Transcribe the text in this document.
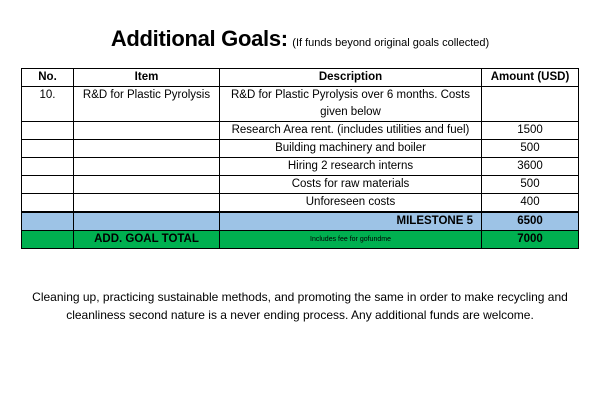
Additional Goals: (If funds beyond original goals collected)
No.	Item	Description	Amount (USD)
10.	R&D for Plastic Pyrolysis	R&D for Plastic Pyrolysis over 6 months. Costs given below	
		Research Area rent. (includes utilities and fuel)	1500
		Building machinery and boiler	500
		Hiring 2 research interns	3600
		Costs for raw materials	500
		Unforeseen costs	400
		MILESTONE 5	6500
	ADD. GOAL TOTAL	Includes fee for gofundme	7000
Cleaning up, practicing sustainable methods, and promoting the same in order to make recycling and cleanliness second nature is a never ending process. Any additional funds are welcome.
